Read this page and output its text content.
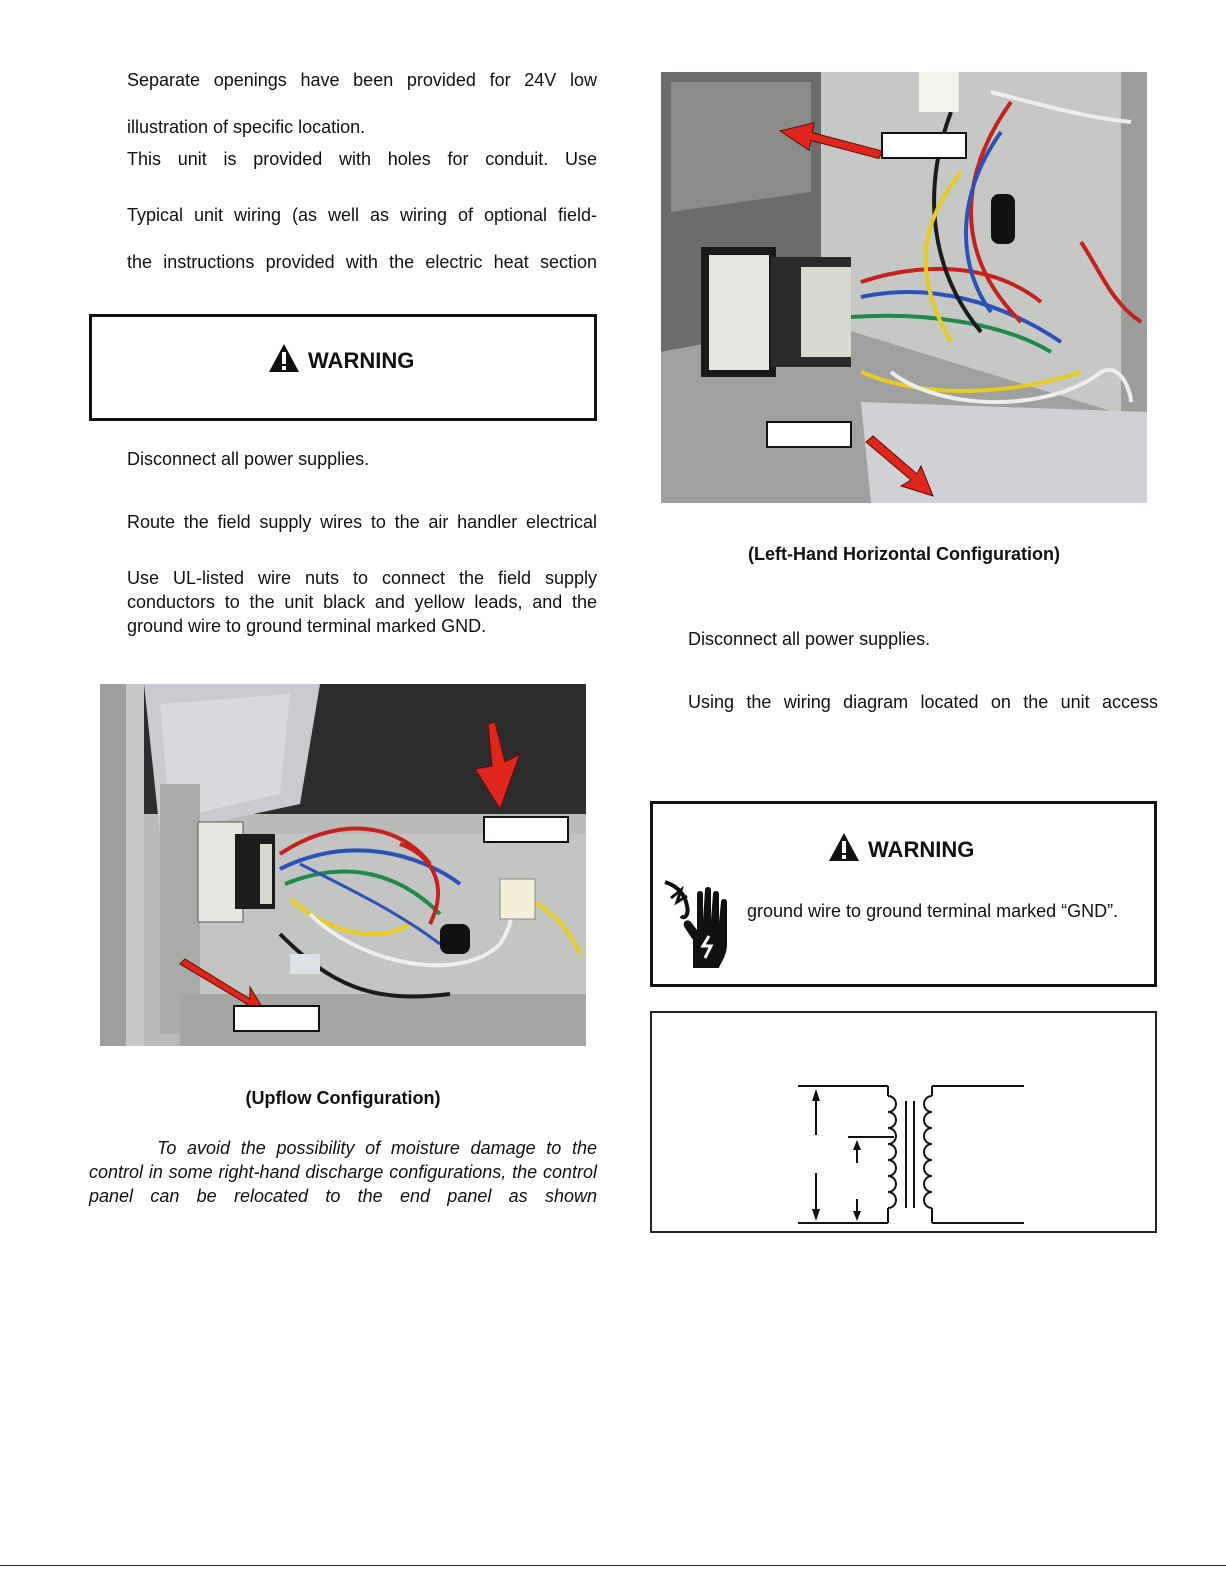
Separate openings have been provided for 24V low

illustration of specific location.

This unit is provided with holes for conduit. Use

Typical unit wiring (as well as wiring of optional field-

the instructions provided with the electric heat section

WARNING

Disconnect all power supplies.

Route the field supply wires to the air handler electrical

Use UL-listed wire nuts to connect the field supply conductors to the unit black and yellow leads, and the ground wire to ground terminal marked GND.

(Upflow Configuration)

To avoid the possibility of moisture damage to the control in some right-hand discharge configurations, the control panel can be relocated to the end panel as shown

(Left-Hand Horizontal Configuration)

Disconnect all power supplies.

Using the wiring diagram located on the unit access

WARNING

ground wire to ground terminal marked “GND”.
